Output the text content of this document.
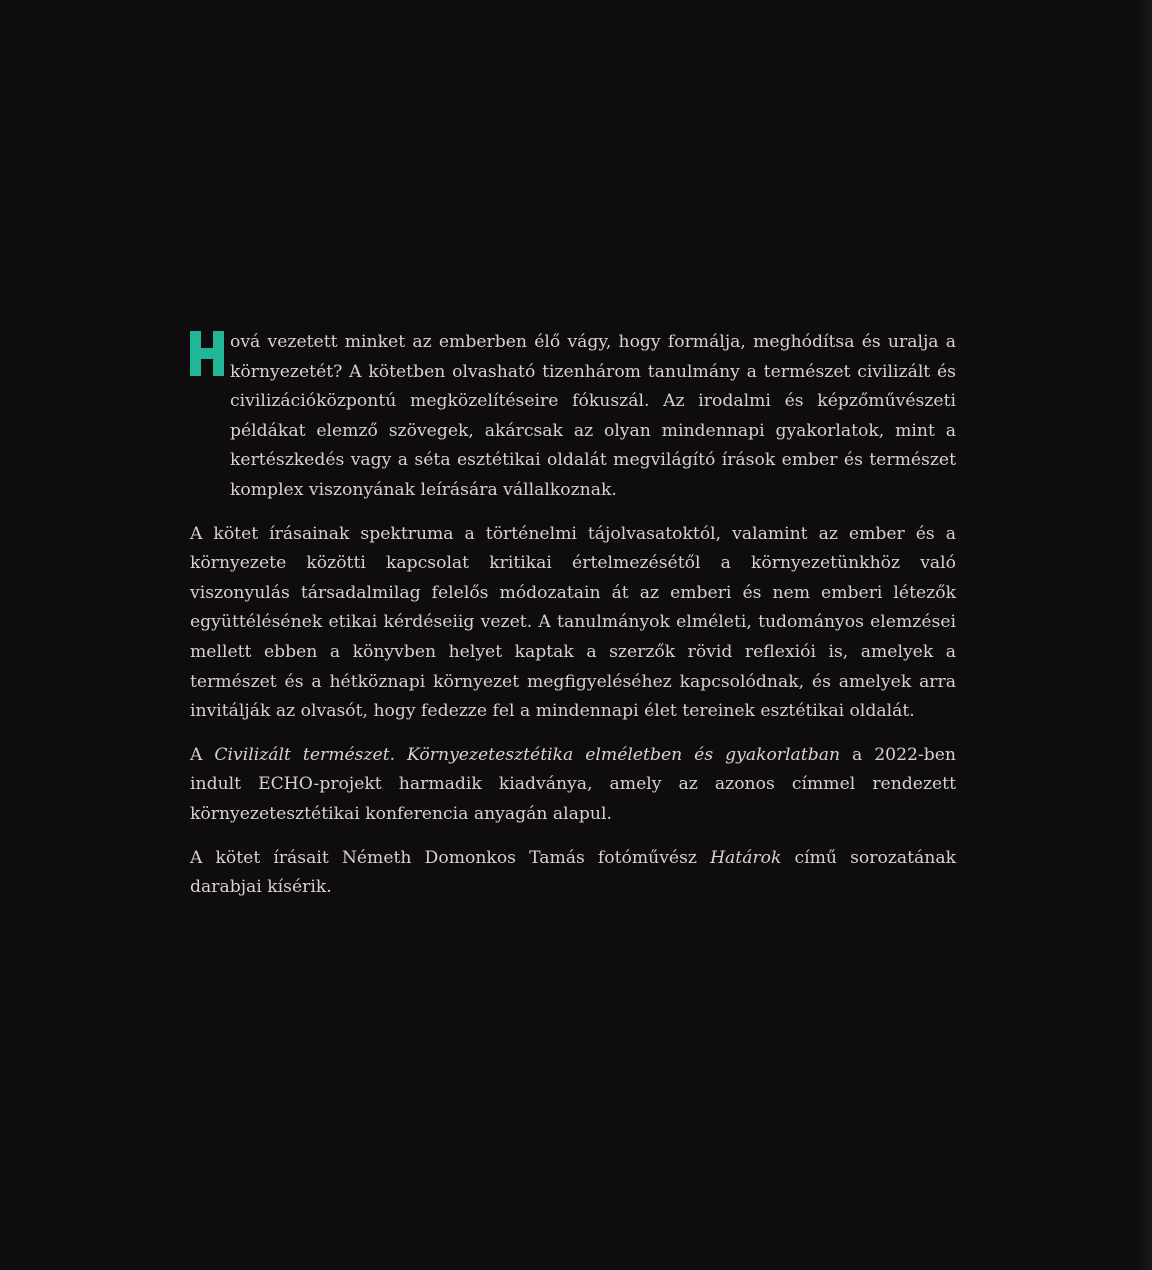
ová vezetett minket az emberben élő vágy, hogy formálja, meghódítsa és uralja a környezetét? A kötetben olvasható tizenhárom tanulmány a természet civilizált és civilizációközpontú megközelítéseire fókuszál. Az irodalmi és képzőművészeti példákat elemző szövegek, akárcsak az olyan mindennapi gyakorlatok, mint a kertészkedés vagy a séta esztétikai oldalát megvilágító írások ember és természet komplex viszonyának leírására vállalkoznak.

A kötet írásainak spektruma a történelmi tájolvasatoktól, valamint az ember és a környezete közötti kapcsolat kritikai értelmezésétől a környezetünkhöz való viszonyulás társadalmilag felelős módozatain át az emberi és nem emberi létezők együttélésének etikai kérdéseiig vezet. A tanulmányok elméleti, tudományos elemzései mellett ebben a könyvben helyet kaptak a szerzők rövid reflexiói is, amelyek a természet és a hétköznapi környezet megfigyeléséhez kapcsolódnak, és amelyek arra invitálják az olvasót, hogy fedezze fel a mindennapi élet tereinek esztétikai oldalát.

A Civilizált természet. Környezetesztétika elméletben és gyakorlatban a 2022-ben indult ECHO-projekt harmadik kiadványa, amely az azonos címmel rendezett környezetesztétikai konferencia anyagán alapul.

A kötet írásait Németh Domonkos Tamás fotóművész Határok című sorozatának darabjai kísérik.
